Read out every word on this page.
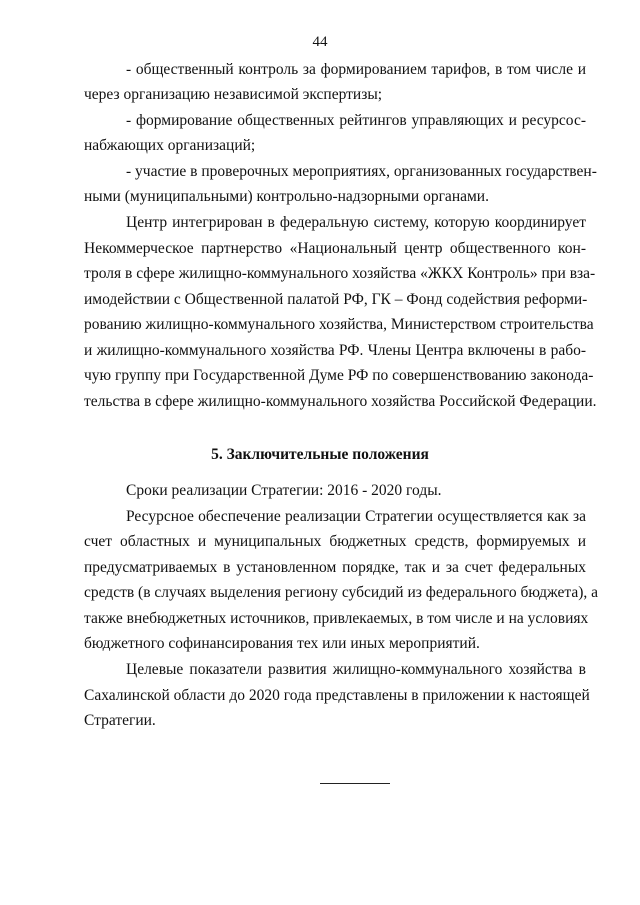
44
- общественный контроль за формированием тарифов, в том числе и
через организацию независимой экспертизы;
- формирование общественных рейтингов управляющих и ресурсос-
набжающих организаций;
- участие в проверочных мероприятиях, организованных государствен-
ными (муниципальными) контрольно-надзорными органами.
Центр интегрирован в федеральную систему, которую координирует
Некоммерческое партнерство «Национальный центр общественного кон-
троля в сфере жилищно-коммунального хозяйства «ЖКХ Контроль» при вза-
имодействии с Общественной палатой РФ, ГК – Фонд содействия реформи-
рованию жилищно-коммунального хозяйства, Министерством строительства
и жилищно-коммунального хозяйства РФ. Члены Центра включены в рабо-
чую группу при Государственной Думе РФ по совершенствованию законода-
тельства в сфере жилищно-коммунального хозяйства Российской Федерации.
5. Заключительные положения
Сроки реализации Стратегии: 2016 - 2020 годы.
Ресурсное обеспечение реализации Стратегии осуществляется как за
счет областных и муниципальных бюджетных средств, формируемых и
предусматриваемых в установленном порядке, так и за счет федеральных
средств (в случаях выделения региону субсидий из федерального бюджета), а
также внебюджетных источников, привлекаемых, в том числе и на условиях
бюджетного софинансирования тех или иных мероприятий.
Целевые показатели развития жилищно-коммунального хозяйства в
Сахалинской области до 2020 года представлены в приложении к настоящей
Стратегии.
